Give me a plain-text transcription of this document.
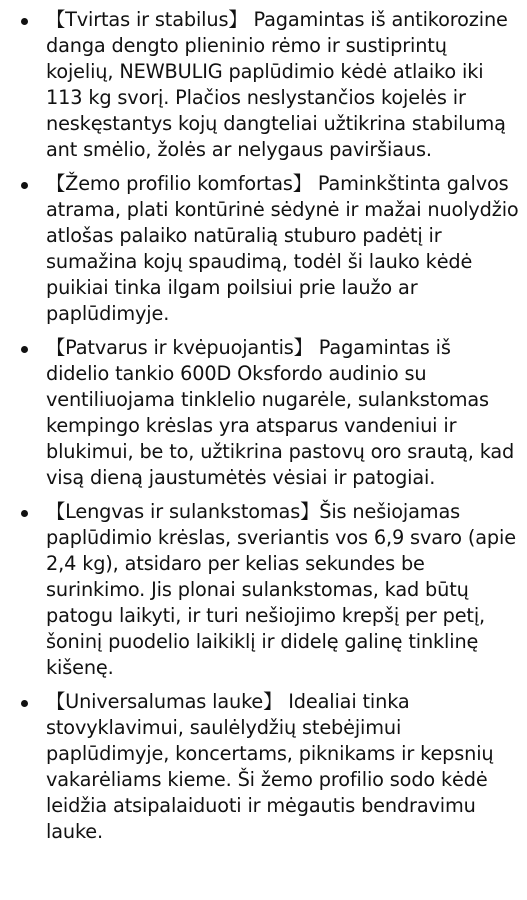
【Tvirtas ir stabilus】 Pagamintas iš antikorozine danga dengto plieninio rėmo ir sustiprintų kojelių, NEWBULIG paplūdimio kėdė atlaiko iki 113 kg svorį. Plačios neslystančios kojelės ir neskęstantys kojų dangteliai užtikrina stabilumą ant smėlio, žolės ar nelygaus paviršiaus.
【Žemo profilio komfortas】 Paminkštinta galvos atrama, plati kontūrinė sėdynė ir mažai nuolydžio atlošas palaiko natūralią stuburo padėtį ir sumažina kojų spaudimą, todėl ši lauko kėdė puikiai tinka ilgam poilsiui prie laužo ar paplūdimyje.
【Patvarus ir kvėpuojantis】 Pagamintas iš didelio tankio 600D Oksfordo audinio su ventiliuojama tinklelio nugarėle, sulankstomas kempingo krėslas yra atsparus vandeniui ir blukimui, be to, užtikrina pastovų oro srautą, kad visą dieną jaustumėtės vėsiai ir patogiai.
【Lengvas ir sulankstomas】Šis nešiojamas paplūdimio krėslas, sveriantis vos 6,9 svaro (apie 2,4 kg), atsidaro per kelias sekundes be surinkimo. Jis plonai sulankstomas, kad būtų patogu laikyti, ir turi nešiojimo krepšį per petį, šoninį puodelio laikiklį ir didelę galinę tinklinę kišenę.
【Universalumas lauke】 Idealiai tinka stovyklavimui, saulėlydžių stebėjimui paplūdimyje, koncertams, piknikams ir kepsnių vakarėliams kieme. Ši žemo profilio sodo kėdė leidžia atsipalaiduoti ir mėgautis bendravimu lauke.
